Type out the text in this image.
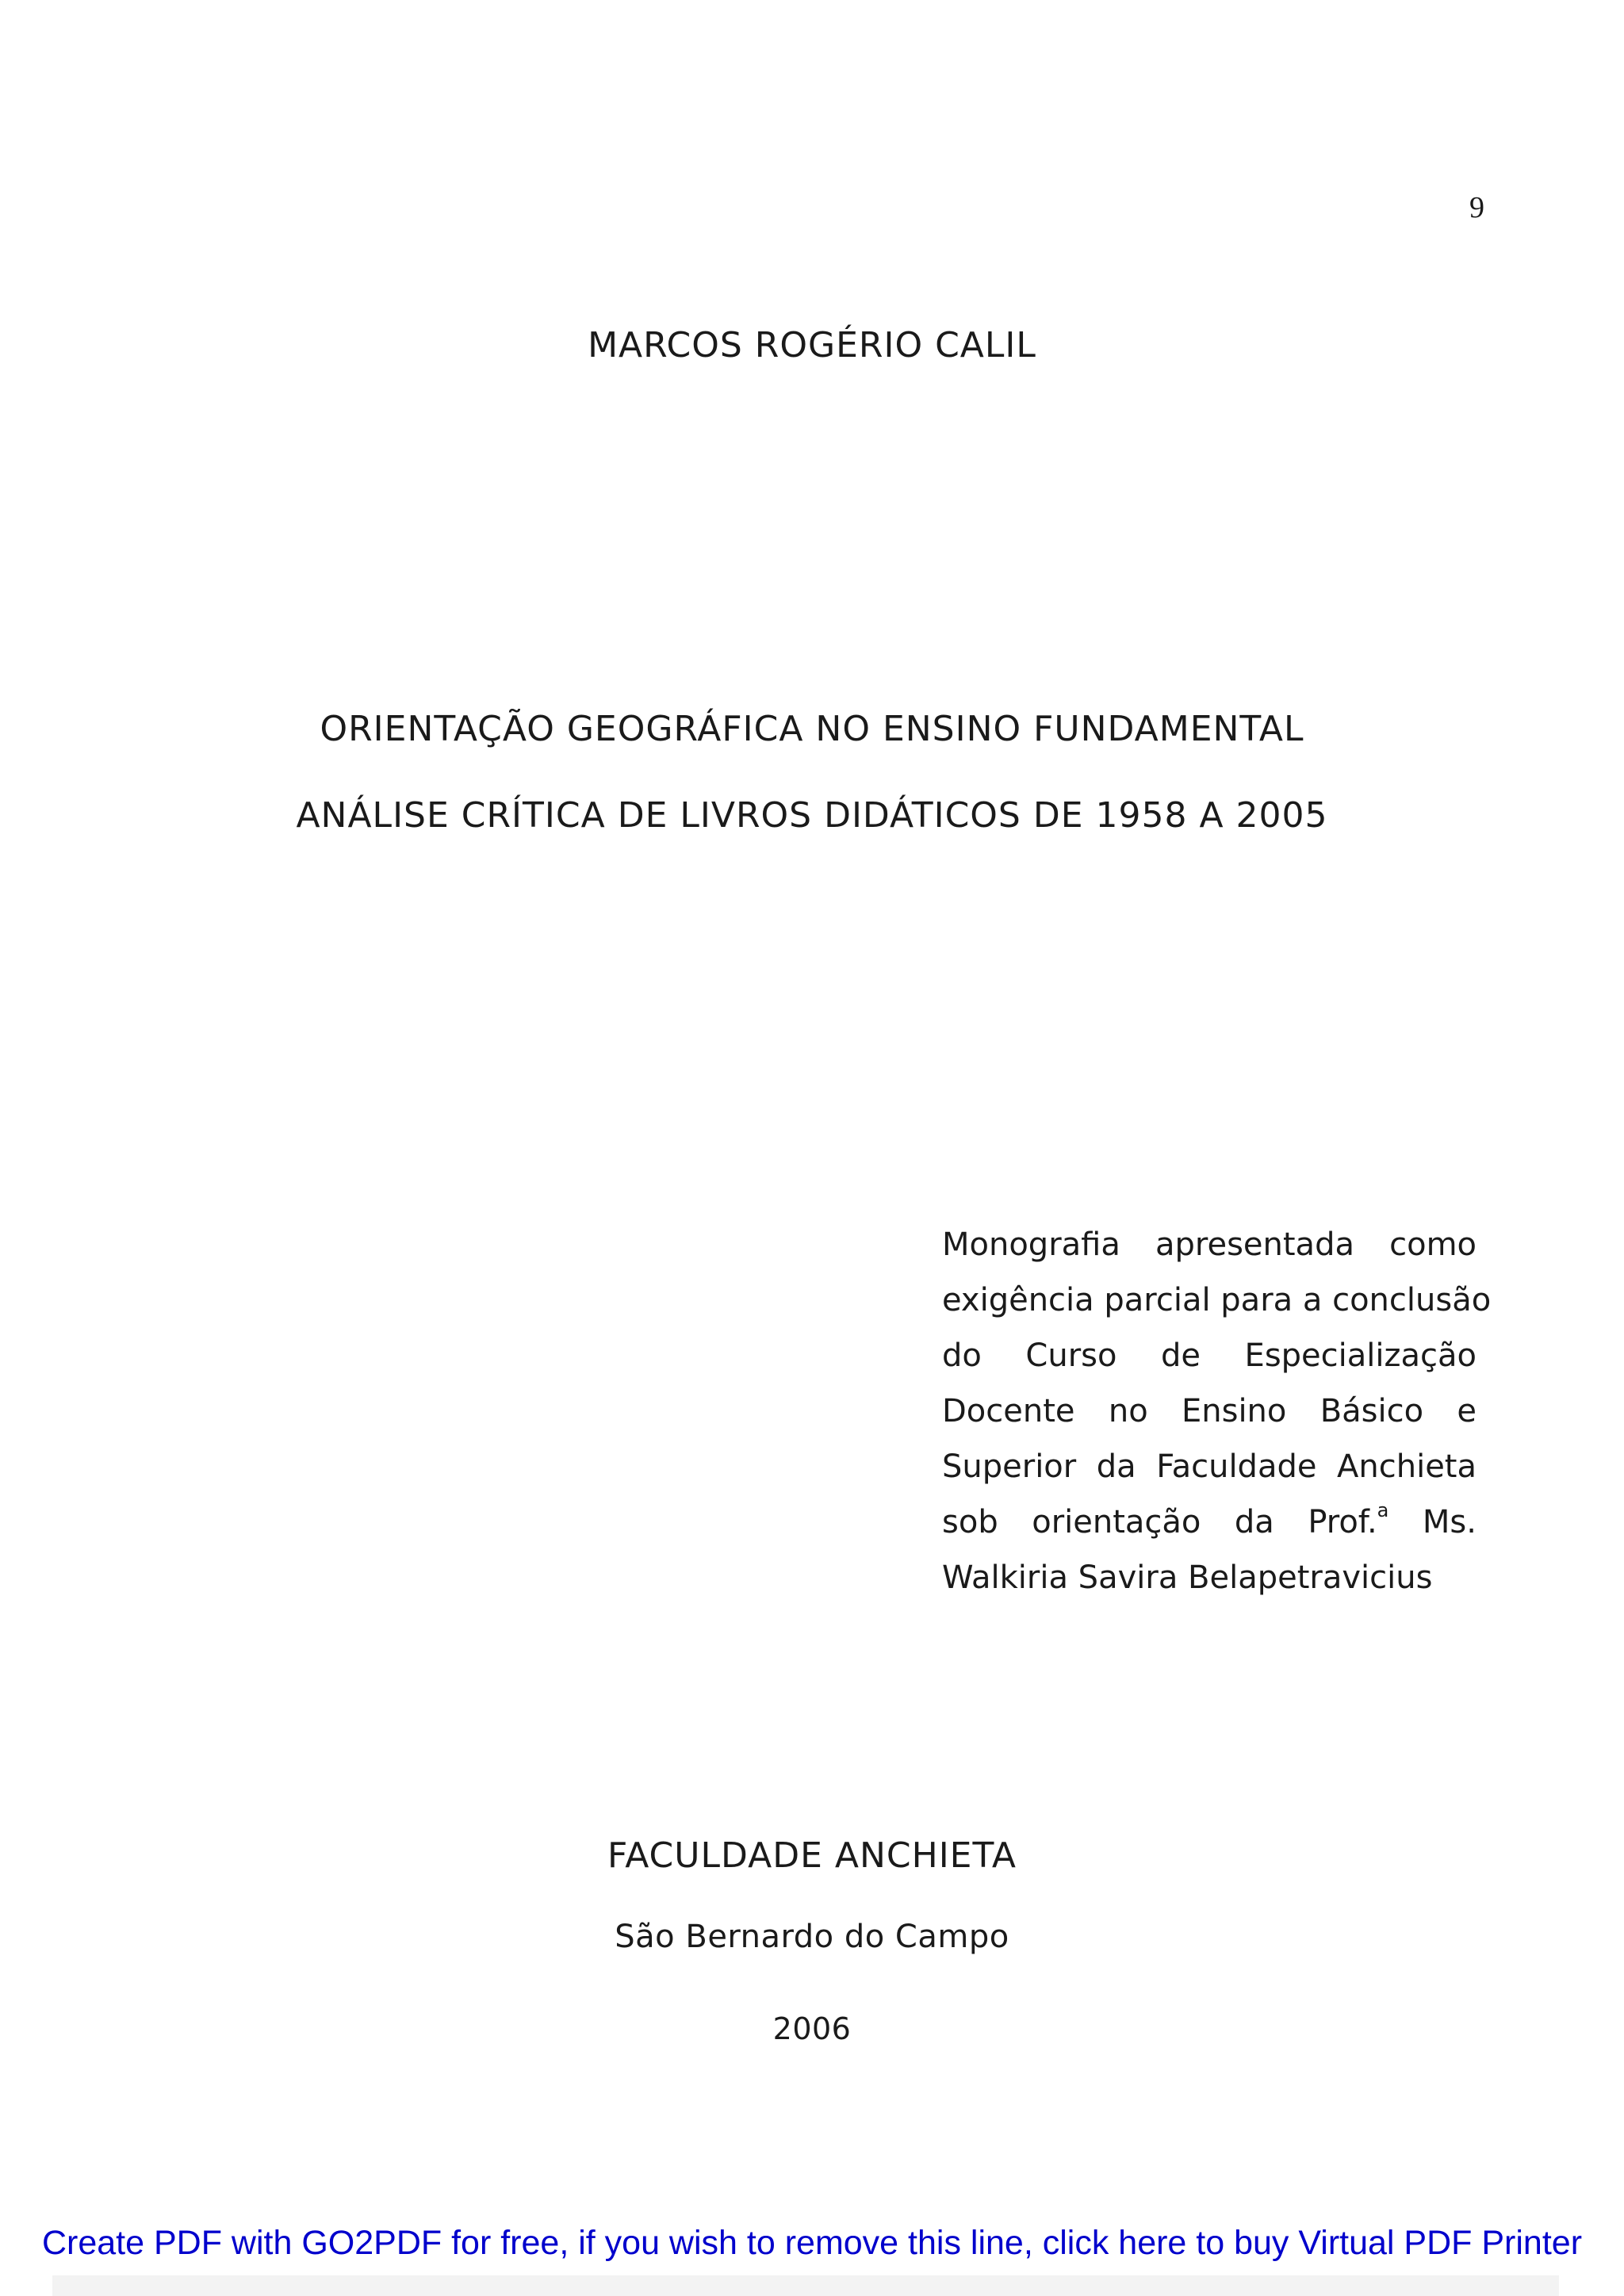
9
MARCOS ROGÉRIO CALIL
ORIENTAÇÃO GEOGRÁFICA NO ENSINO FUNDAMENTAL
ANÁLISE CRÍTICA DE LIVROS DIDÁTICOS DE 1958 A 2005
Monografia apresentada como
exigência parcial para a conclusão
do Curso de Especialização
Docente no Ensino Básico e
Superior da Faculdade Anchieta
sob orientação da Prof.$^a$ Ms.
Walkiria Savira Belapetravicius
FACULDADE ANCHIETA
São Bernardo do Campo
2006
Create PDF with GO2PDF for free, if you wish to remove this line, click here to buy Virtual PDF Printer
